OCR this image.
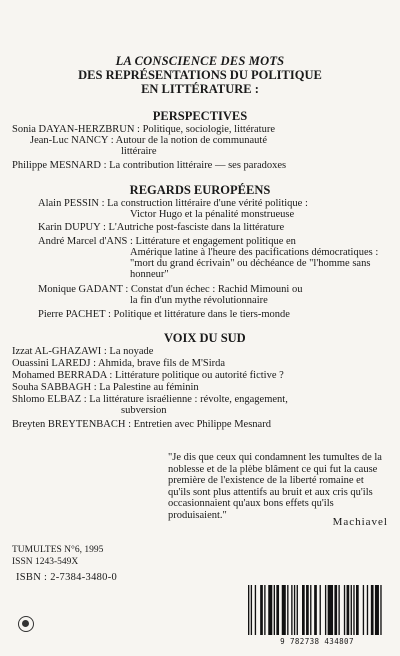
LA CONSCIENCE DES MOTS
DES REPRÉSENTATIONS DU POLITIQUE
EN LITTÉRATURE :
PERSPECTIVES
Sonia DAYAN-HERZBRUN : Politique, sociologie, littérature
Jean-Luc NANCY : Autour de la notion de communauté
littéraire
Philippe MESNARD : La contribution littéraire — ses paradoxes
REGARDS EUROPÉENS
Alain PESSIN : La construction littéraire d'une vérité politique :
Victor Hugo et la pénalité monstrueuse
Karin DUPUY : L'Autriche post-fasciste dans la littérature
André Marcel d'ANS : Littérature et engagement politique en
Amérique latine à l'heure des pacifications démocratiques :
"mort du grand écrivain" ou déchéance de "l'homme sans
honneur"
Monique GADANT : Constat d'un échec : Rachid Mimouni ou
la fin d'un mythe révolutionnaire
Pierre PACHET : Politique et littérature dans le tiers-monde
VOIX DU SUD
Izzat AL-GHAZAWI : La noyade
Ouassini LAREDJ : Ahmida, brave fils de M'Sirda
Mohamed BERRADA : Littérature politique ou autorité fictive ?
Souha SABBAGH : La Palestine au féminin
Shlomo ELBAZ : La littérature israélienne : révolte, engagement,
subversion
Breyten BREYTENBACH : Entretien avec Philippe Mesnard
"Je dis que ceux qui condamnent les tumultes de la noblesse et de la plèbe blâment ce qui fut la cause première de l'existence de la liberté romaine et qu'ils sont plus attentifs au bruit et aux cris qu'ils occasionnaient qu'aux bons effets qu'ils produisaient."
Machiavel
TUMULTES N°6, 1995
ISSN 1243-549X
ISBN : 2-7384-3480-0
9 782738 434807
